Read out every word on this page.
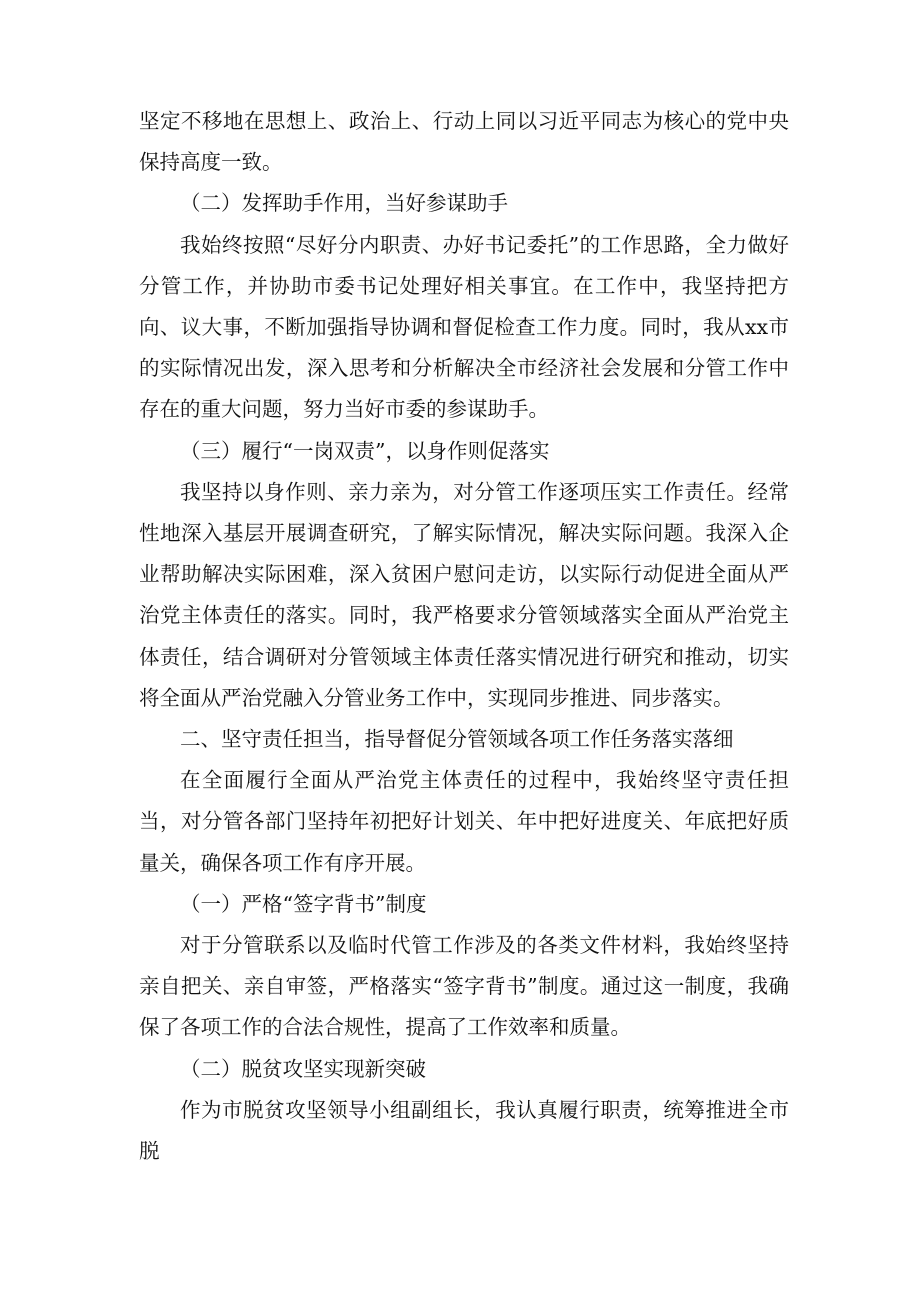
坚定不移地在思想上、政治上、行动上同以习近平同志为核心的党中央保持高度一致。

（二）发挥助手作用，当好参谋助手

我始终按照“尽好分内职责、办好书记委托”的工作思路，全力做好分管工作，并协助市委书记处理好相关事宜。在工作中，我坚持把方向、议大事，不断加强指导协调和督促检查工作力度。同时，我从xx市的实际情况出发，深入思考和分析解决全市经济社会发展和分管工作中存在的重大问题，努力当好市委的参谋助手。

（三）履行“一岗双责”，以身作则促落实

我坚持以身作则、亲力亲为，对分管工作逐项压实工作责任。经常性地深入基层开展调查研究，了解实际情况，解决实际问题。我深入企业帮助解决实际困难，深入贫困户慰问走访，以实际行动促进全面从严治党主体责任的落实。同时，我严格要求分管领域落实全面从严治党主体责任，结合调研对分管领域主体责任落实情况进行研究和推动，切实将全面从严治党融入分管业务工作中，实现同步推进、同步落实。

二、坚守责任担当，指导督促分管领域各项工作任务落实落细

在全面履行全面从严治党主体责任的过程中，我始终坚守责任担当，对分管各部门坚持年初把好计划关、年中把好进度关、年底把好质量关，确保各项工作有序开展。

（一）严格“签字背书”制度

对于分管联系以及临时代管工作涉及的各类文件材料，我始终坚持亲自把关、亲自审签，严格落实“签字背书”制度。通过这一制度，我确保了各项工作的合法合规性，提高了工作效率和质量。

（二）脱贫攻坚实现新突破

作为市脱贫攻坚领导小组副组长，我认真履行职责，统筹推进全市脱
